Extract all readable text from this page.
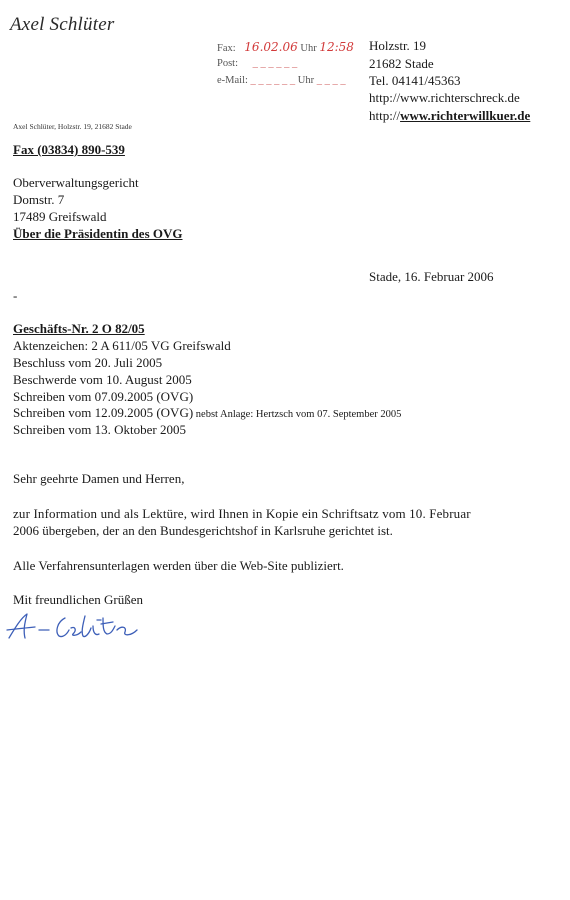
Axel Schlüter
Fax: 16.02.06 Uhr 12:58
Post: _ _ _ _ _ _
e-Mail: _ _ _ _ _ _ Uhr _ _ _ _
Holzstr. 19
21682 Stade
Tel. 04141/45363
http://www.richterschreck.de
http://www.richterwillkuer.de
Axel Schlüter, Holzstr. 19, 21682 Stade
Fax (03834) 890-539
Oberverwaltungsgericht
Domstr. 7
17489 Greifswald
Über die Präsidentin des OVG
Stade, 16. Februar 2006
-
Geschäfts-Nr. 2 O 82/05
Aktenzeichen: 2 A 611/05 VG Greifswald
Beschluss vom 20. Juli 2005
Beschwerde vom 10. August 2005
Schreiben vom 07.09.2005 (OVG)
Schreiben vom 12.09.2005 (OVG) nebst Anlage: Hertzsch vom 07. September 2005
Schreiben vom 13. Oktober 2005
Sehr geehrte Damen und Herren,
zur Information und als Lektüre, wird Ihnen in Kopie ein Schriftsatz vom 10. Februar
2006 übergeben, der an den Bundesgerichtshof in Karlsruhe gerichtet ist.
Alle Verfahrensunterlagen werden über die Web-Site publiziert.
Mit freundlichen Grüßen
